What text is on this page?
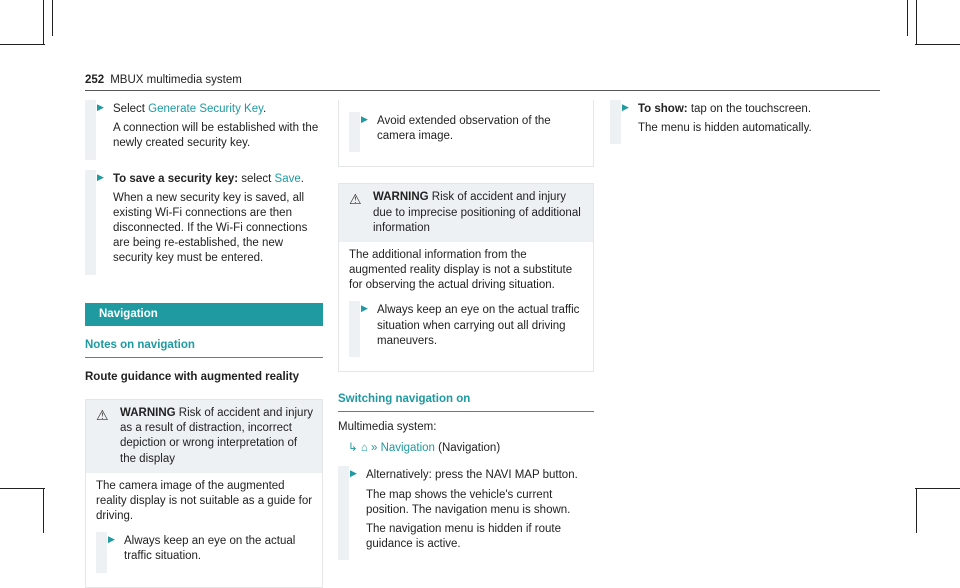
252 MBUX multimedia system
▶ Select Generate Security Key.

A connection will be established with the newly created security key.

▶ To save a security key: select Save.

When a new security key is saved, all existing Wi-Fi connections are then disconnected. If the Wi-Fi connections are being re-established, the new security key must be entered.

Navigation
Notes on navigation
Route guidance with augmented reality
⚠ WARNING Risk of accident and injury as a result of distraction, incorrect depiction or wrong interpretation of the display

The camera image of the augmented reality display is not suitable as a guide for driving.

▶ Always keep an eye on the actual traffic situation.

▶ Avoid extended observation of the camera image.

⚠ WARNING Risk of accident and injury due to imprecise positioning of additional information

The additional information from the augmented reality display is not a substitute for observing the actual driving situation.

▶ Always keep an eye on the actual traffic situation when carrying out all driving maneuvers.

Switching navigation on

Multimedia system:

↳ ⌂ » Navigation (Navigation)

▶ Alternatively: press the NAVI MAP button.

The map shows the vehicle's current position. The navigation menu is shown.

The navigation menu is hidden if route guidance is active.

▶ To show: tap on the touchscreen.

The menu is hidden automatically.
